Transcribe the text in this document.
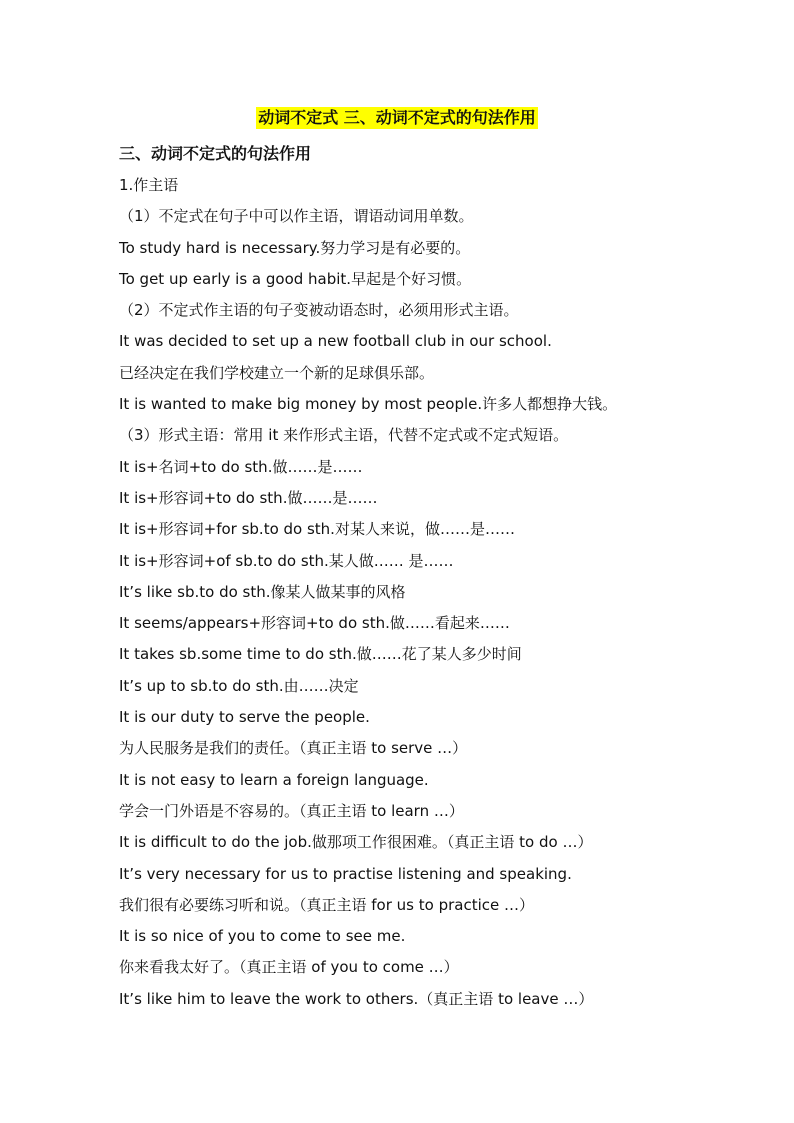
动词不定式 三、动词不定式的句法作用
三、动词不定式的句法作用
1.作主语
（1）不定式在句子中可以作主语，谓语动词用单数。
To study hard is necessary.努力学习是有必要的。
To get up early is a good habit.早起是个好习惯。
（2）不定式作主语的句子变被动语态时，必须用形式主语。
It was decided to set up a new football club in our school.
已经决定在我们学校建立一个新的足球俱乐部。
It is wanted to make big money by most people.许多人都想挣大钱。
（3）形式主语：常用 it 来作形式主语，代替不定式或不定式短语。
It is+名词+to do sth.做……是……
It is+形容词+to do sth.做……是……
It is+形容词+for sb.to do sth.对某人来说，做……是……
It is+形容词+of sb.to do sth.某人做…… 是……
It’s like sb.to do sth.像某人做某事的风格
It seems/appears+形容词+to do sth.做……看起来……
It takes sb.some time to do sth.做……花了某人多少时间
It’s up to sb.to do sth.由……决定
It is our duty to serve the people.
为人民服务是我们的责任。（真正主语 to serve …）
It is not easy to learn a foreign language.
学会一门外语是不容易的。（真正主语 to learn …）
It is difficult to do the job.做那项工作很困难。（真正主语 to do …）
It’s very necessary for us to practise listening and speaking.
我们很有必要练习听和说。（真正主语 for us to practice …）
It is so nice of you to come to see me.
你来看我太好了。（真正主语 of you to come …）
It’s like him to leave the work to others.（真正主语 to leave …）
